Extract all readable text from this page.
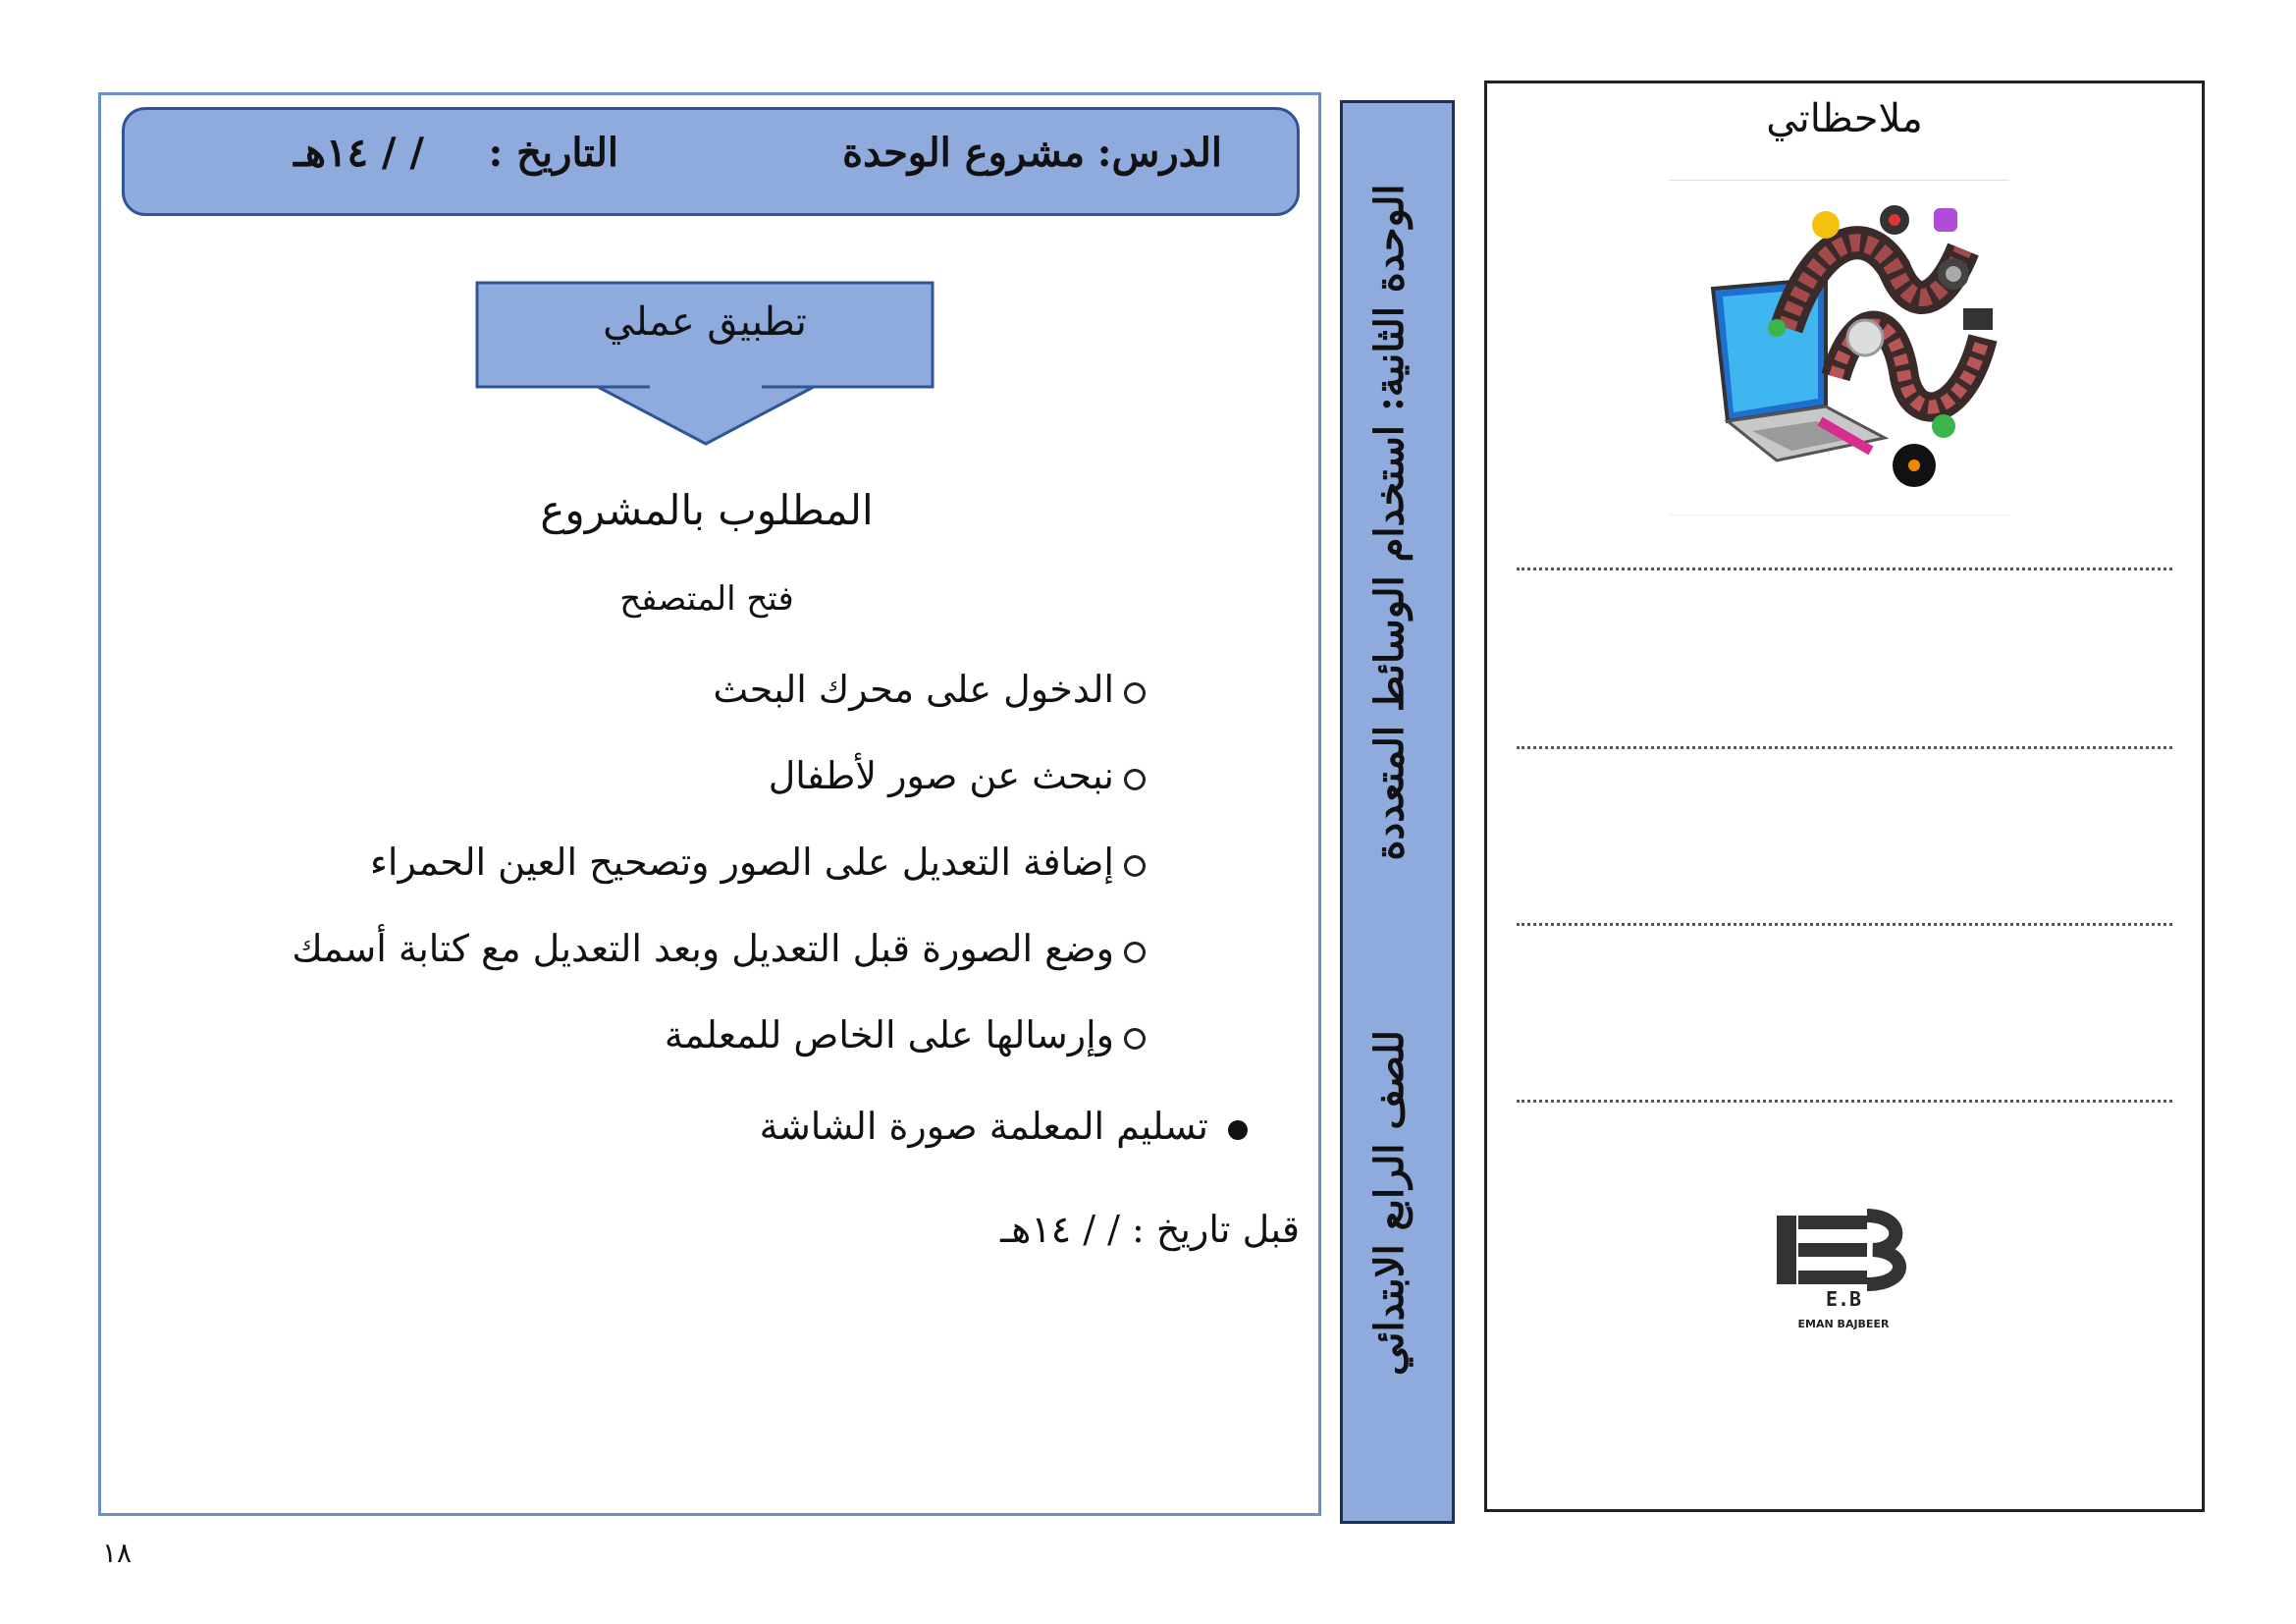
الدرس: مشروع الوحدة
التاريخ :  / / ١٤هـ
تطبيق عملي
المطلوب بالمشروع
فتح المتصفح
الدخول على محرك البحث
نبحث عن صور لأطفال
إضافة التعديل على الصور وتصحيح العين الحمراء
وضع الصورة قبل التعديل وبعد التعديل مع كتابة أسمك
وإرسالها على الخاص للمعلمة
تسليم المعلمة صورة الشاشة
قبل تاريخ : / / ١٤هـ
الوحدة الثانية: استخدام الوسائط المتعددة
للصف الرابع الابتدائي
ملاحظاتي
E.B
EMAN BAJBEER
١٨
